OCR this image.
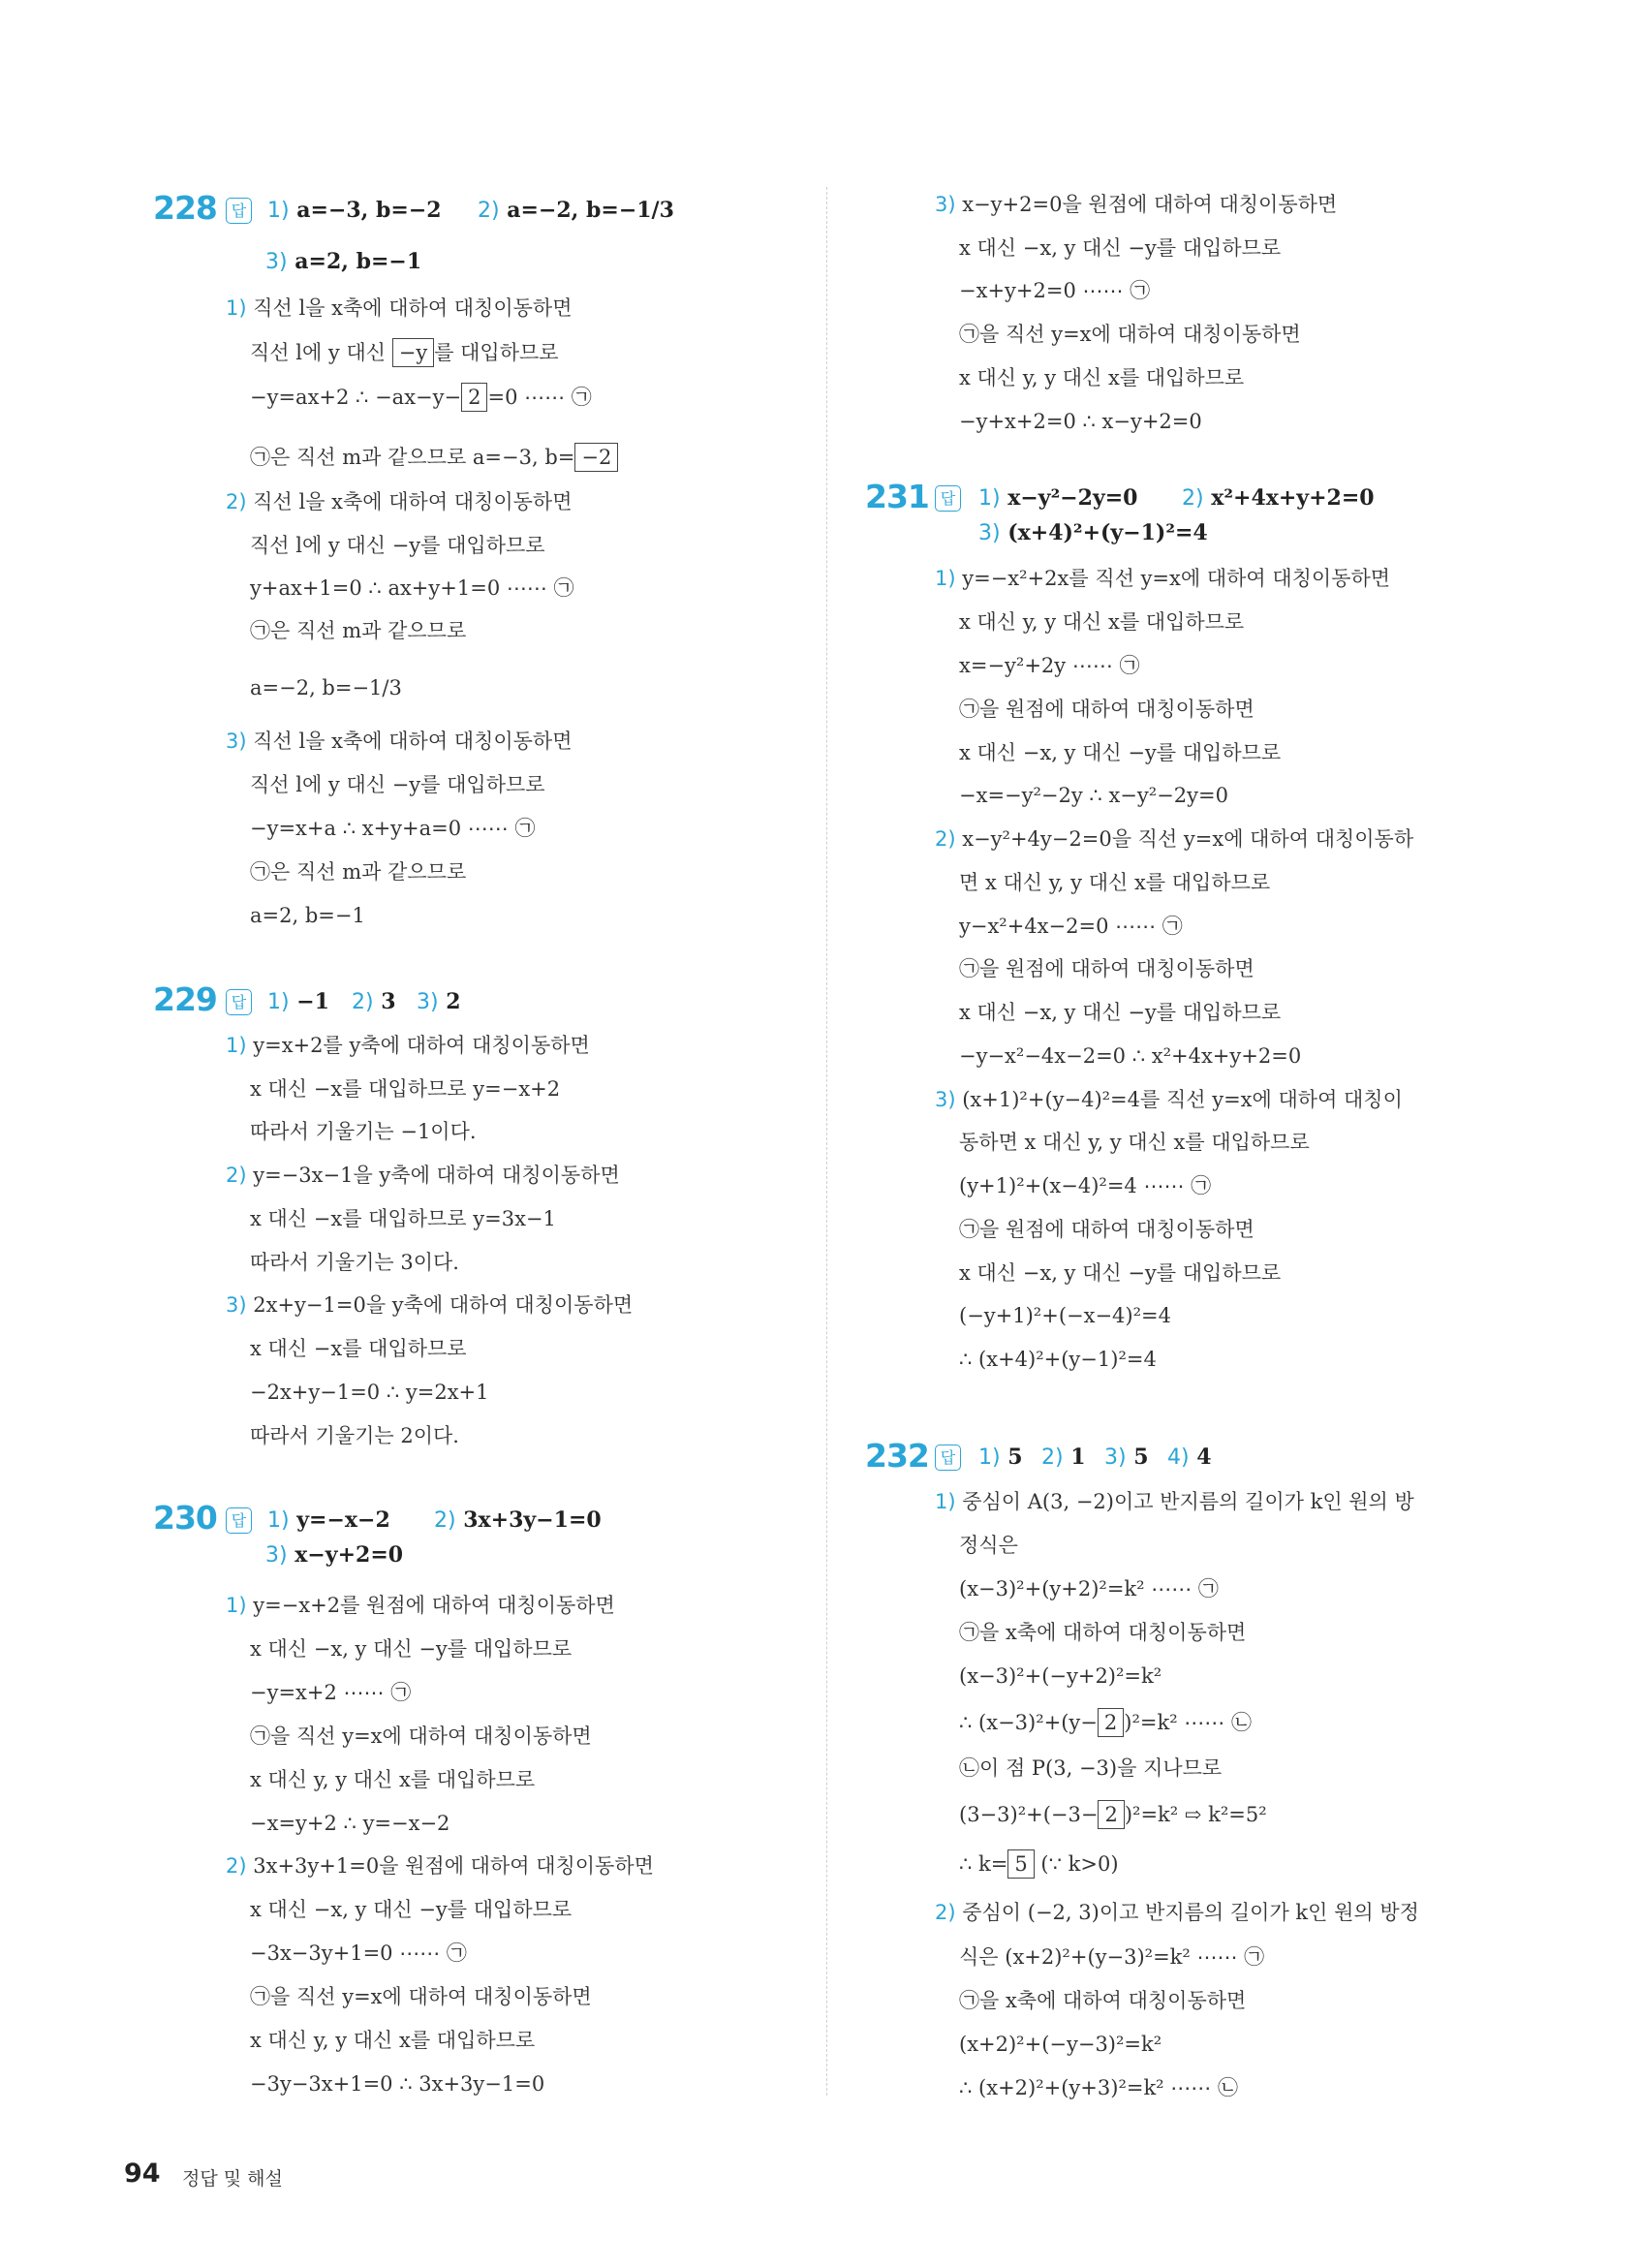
228 답 1) a=−3, b=−2 2) a=−2, b=−1/3
3) a=2, b=−1
1) 직선 l을 x축에 대하여 대칭이동하면
직선 l에 y 대신 −y 를 대입하므로
−y=ax+2 ∴ −ax−y− 2 =0 ⋯⋯ ㉠
㉠은 직선 m과 같으므로 a=−3, b= −2
2) 직선 l을 x축에 대하여 대칭이동하면
직선 l에 y 대신 −y를 대입하므로
y+ax+1=0 ∴ ax+y+1=0 ⋯⋯ ㉠
㉠은 직선 m과 같으므로
a=−2, b=−1/3
3) 직선 l을 x축에 대하여 대칭이동하면
직선 l에 y 대신 −y를 대입하므로
−y=x+a ∴ x+y+a=0 ⋯⋯ ㉠
㉠은 직선 m과 같으므로
a=2, b=−1
229 답 1) −1 2) 3 3) 2
1) y=x+2를 y축에 대하여 대칭이동하면
x 대신 −x를 대입하므로 y=−x+2
따라서 기울기는 −1이다.
2) y=−3x−1을 y축에 대하여 대칭이동하면
x 대신 −x를 대입하므로 y=3x−1
따라서 기울기는 3이다.
3) 2x+y−1=0을 y축에 대하여 대칭이동하면
x 대신 −x를 대입하므로
−2x+y−1=0 ∴ y=2x+1
따라서 기울기는 2이다.
230 답 1) y=−x−2 2) 3x+3y−1=0
3) x−y+2=0
1) y=−x+2를 원점에 대하여 대칭이동하면
x 대신 −x, y 대신 −y를 대입하므로
−y=x+2 ⋯⋯ ㉠
㉠을 직선 y=x에 대하여 대칭이동하면
x 대신 y, y 대신 x를 대입하므로
−x=y+2 ∴ y=−x−2
2) 3x+3y+1=0을 원점에 대하여 대칭이동하면
x 대신 −x, y 대신 −y를 대입하므로
−3x−3y+1=0 ⋯⋯ ㉠
㉠을 직선 y=x에 대하여 대칭이동하면
x 대신 y, y 대신 x를 대입하므로
−3y−3x+1=0 ∴ 3x+3y−1=0
3) x−y+2=0을 원점에 대하여 대칭이동하면
x 대신 −x, y 대신 −y를 대입하므로
−x+y+2=0 ⋯⋯ ㉠
㉠을 직선 y=x에 대하여 대칭이동하면
x 대신 y, y 대신 x를 대입하므로
−y+x+2=0 ∴ x−y+2=0
231 답 1) x−y²−2y=0 2) x²+4x+y+2=0
3) (x+4)²+(y−1)²=4
1) y=−x²+2x를 직선 y=x에 대하여 대칭이동하면
x 대신 y, y 대신 x를 대입하므로
x=−y²+2y ⋯⋯ ㉠
㉠을 원점에 대하여 대칭이동하면
x 대신 −x, y 대신 −y를 대입하므로
−x=−y²−2y ∴ x−y²−2y=0
2) x−y²+4y−2=0을 직선 y=x에 대하여 대칭이동하
면 x 대신 y, y 대신 x를 대입하므로
y−x²+4x−2=0 ⋯⋯ ㉠
㉠을 원점에 대하여 대칭이동하면
x 대신 −x, y 대신 −y를 대입하므로
−y−x²−4x−2=0 ∴ x²+4x+y+2=0
3) (x+1)²+(y−4)²=4를 직선 y=x에 대하여 대칭이
동하면 x 대신 y, y 대신 x를 대입하므로
(y+1)²+(x−4)²=4 ⋯⋯ ㉠
㉠을 원점에 대하여 대칭이동하면
x 대신 −x, y 대신 −y를 대입하므로
(−y+1)²+(−x−4)²=4
∴ (x+4)²+(y−1)²=4
232 답 1) 5 2) 1 3) 5 4) 4
1) 중심이 A(3, −2)이고 반지름의 길이가 k인 원의 방
정식은
(x−3)²+(y+2)²=k² ⋯⋯ ㉠
㉠을 x축에 대하여 대칭이동하면
(x−3)²+(−y+2)²=k²
∴ (x−3)²+(y− 2 )²=k² ⋯⋯ ㉡
㉡이 점 P(3, −3)을 지나므로
(3−3)²+(−3− 2 )²=k² ⇨ k²=5²
∴ k= 5 (∵ k>0)
2) 중심이 (−2, 3)이고 반지름의 길이가 k인 원의 방정
식은 (x+2)²+(y−3)²=k² ⋯⋯ ㉠
㉠을 x축에 대하여 대칭이동하면
(x+2)²+(−y−3)²=k²
∴ (x+2)²+(y+3)²=k² ⋯⋯ ㉡
94 정답 및 해설
